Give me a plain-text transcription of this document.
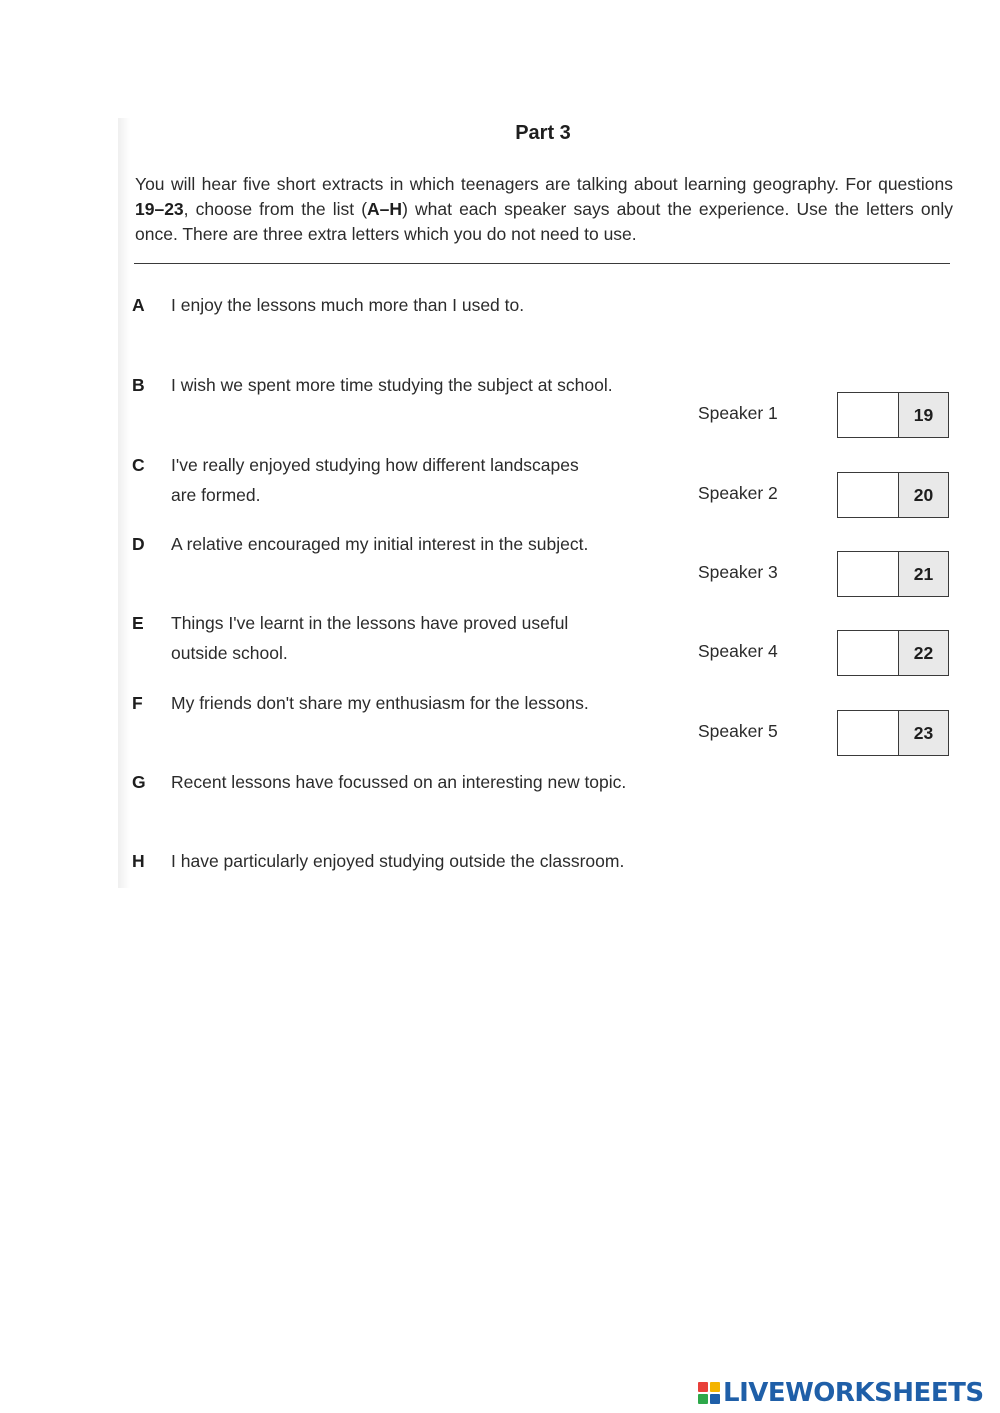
Part 3
You will hear five short extracts in which teenagers are talking about learning geography. For questions 19–23, choose from the list (A–H) what each speaker says about the experience. Use the letters only once. There are three extra letters which you do not need to use.
A	I enjoy the lessons much more than I used to.
B	I wish we spent more time studying the subject at school.
C	I've really enjoyed studying how different landscapes
are formed.
D	A relative encouraged my initial interest in the subject.
E	Things I've learnt in the lessons have proved useful
outside school.
F	My friends don't share my enthusiasm for the lessons.
G	Recent lessons have focussed on an interesting new topic.
H	I have particularly enjoyed studying outside the classroom.
Speaker 1	19
Speaker 2	20
Speaker 3	21
Speaker 4	22
Speaker 5	23
LIVEWORKSHEETS
